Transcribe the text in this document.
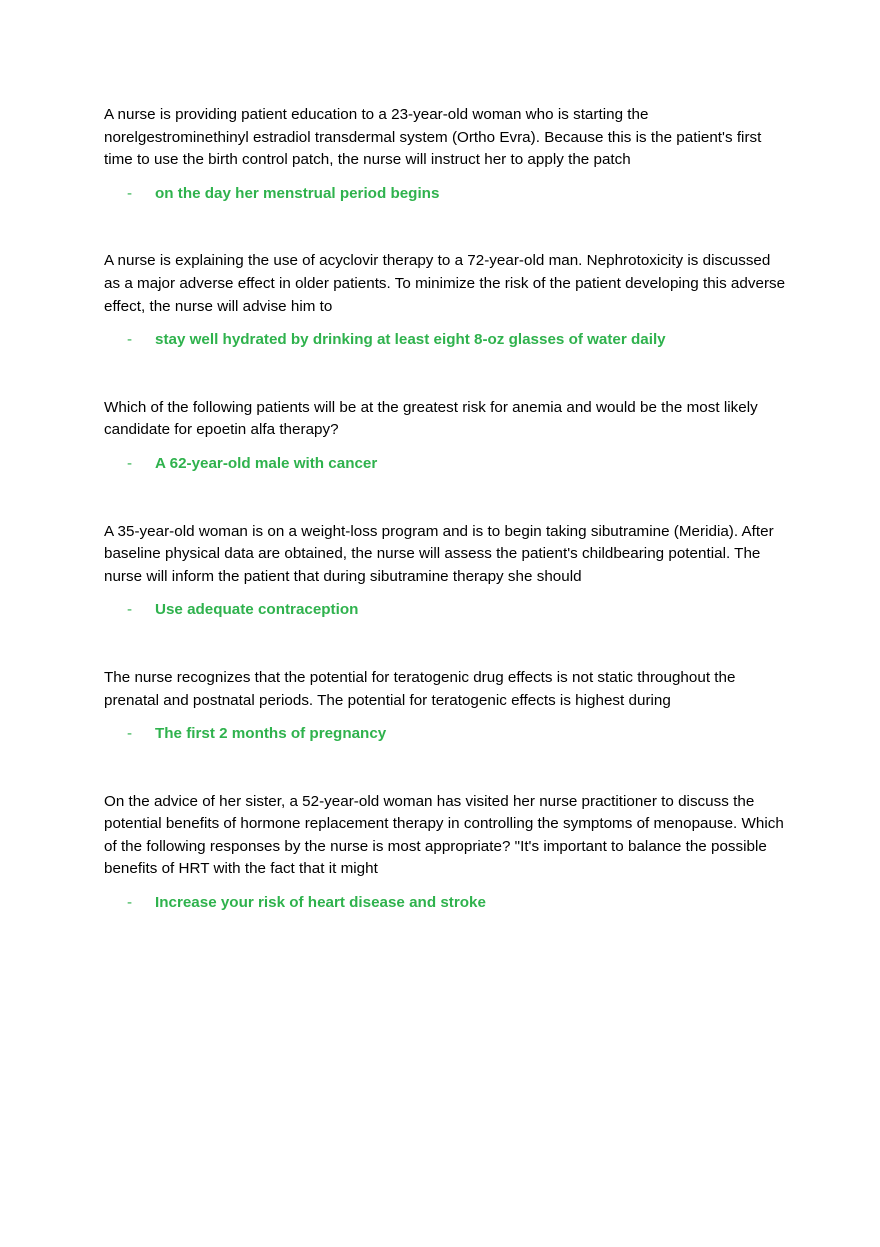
A nurse is providing patient education to a 23-year-old woman who is starting the norelgestrominethinyl estradiol transdermal system (Ortho Evra). Because this is the patient's first time to use the birth control patch, the nurse will instruct her to apply the patch

-	on the day her menstrual period begins

A nurse is explaining the use of acyclovir therapy to a 72-year-old man. Nephrotoxicity is discussed as a major adverse effect in older patients. To minimize the risk of the patient developing this adverse effect, the nurse will advise him to

-	stay well hydrated by drinking at least eight 8-oz glasses of water daily

Which of the following patients will be at the greatest risk for anemia and would be the most likely candidate for epoetin alfa therapy?

-	A 62-year-old male with cancer

A 35-year-old woman is on a weight-loss program and is to begin taking sibutramine (Meridia). After baseline physical data are obtained, the nurse will assess the patient's childbearing potential. The nurse will inform the patient that during sibutramine therapy she should

-	Use adequate contraception

The nurse recognizes that the potential for teratogenic drug effects is not static throughout the prenatal and postnatal periods. The potential for teratogenic effects is highest during

-	The first 2 months of pregnancy

On the advice of her sister, a 52-year-old woman has visited her nurse practitioner to discuss the potential benefits of hormone replacement therapy in controlling the symptoms of menopause. Which of the following responses by the nurse is most appropriate? "It's important to balance the possible benefits of HRT with the fact that it might

-	Increase your risk of heart disease and stroke
